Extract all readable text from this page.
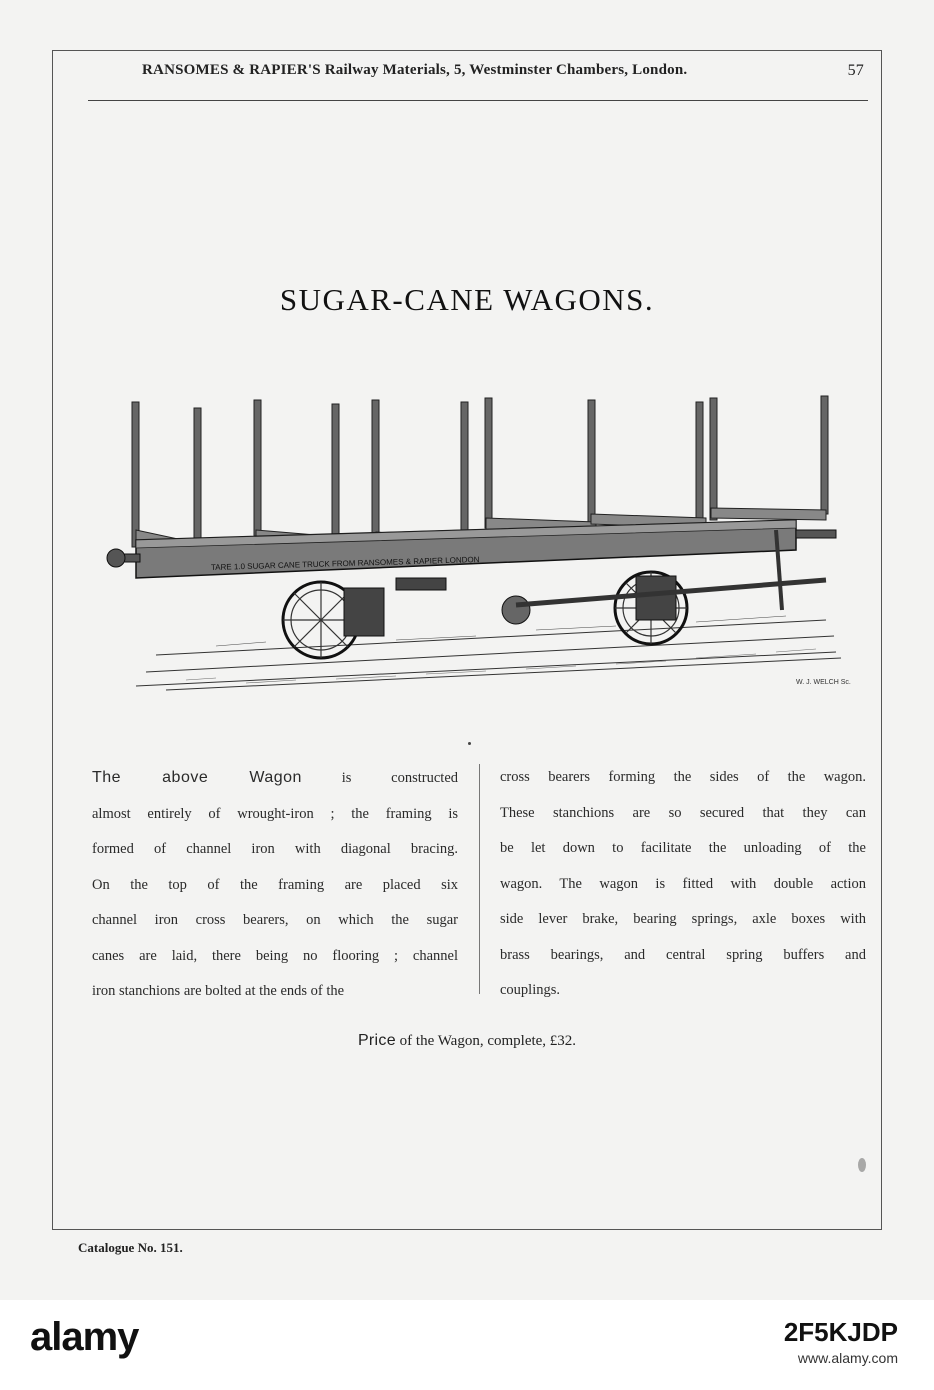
RANSOMES & RAPIER'S Railway Materials, 5, Westminster Chambers, London.	57
SUGAR-CANE WAGONS.
TARE 1.0 SUGAR CANE TRUCK FROM RANSOMES & RAPIER LONDON
W. J. WELCH Sc.
The above Wagon is constructed
almost entirely of wrought-iron ; the framing is
formed of channel iron with diagonal bracing.
On the top of the framing are placed six
channel iron cross bearers, on which the sugar
canes are laid, there being no flooring ; channel
iron stanchions are bolted at the ends of the
cross bearers forming the sides of the wagon.
These stanchions are so secured that they can
be let down to facilitate the unloading of the
wagon. The wagon is fitted with double action
side lever brake, bearing springs, axle boxes with
brass bearings, and central spring buffers and
couplings.
Price of the Wagon, complete, £32.
Catalogue No. 151.
alamy	2F5KJDP
www.alamy.com
